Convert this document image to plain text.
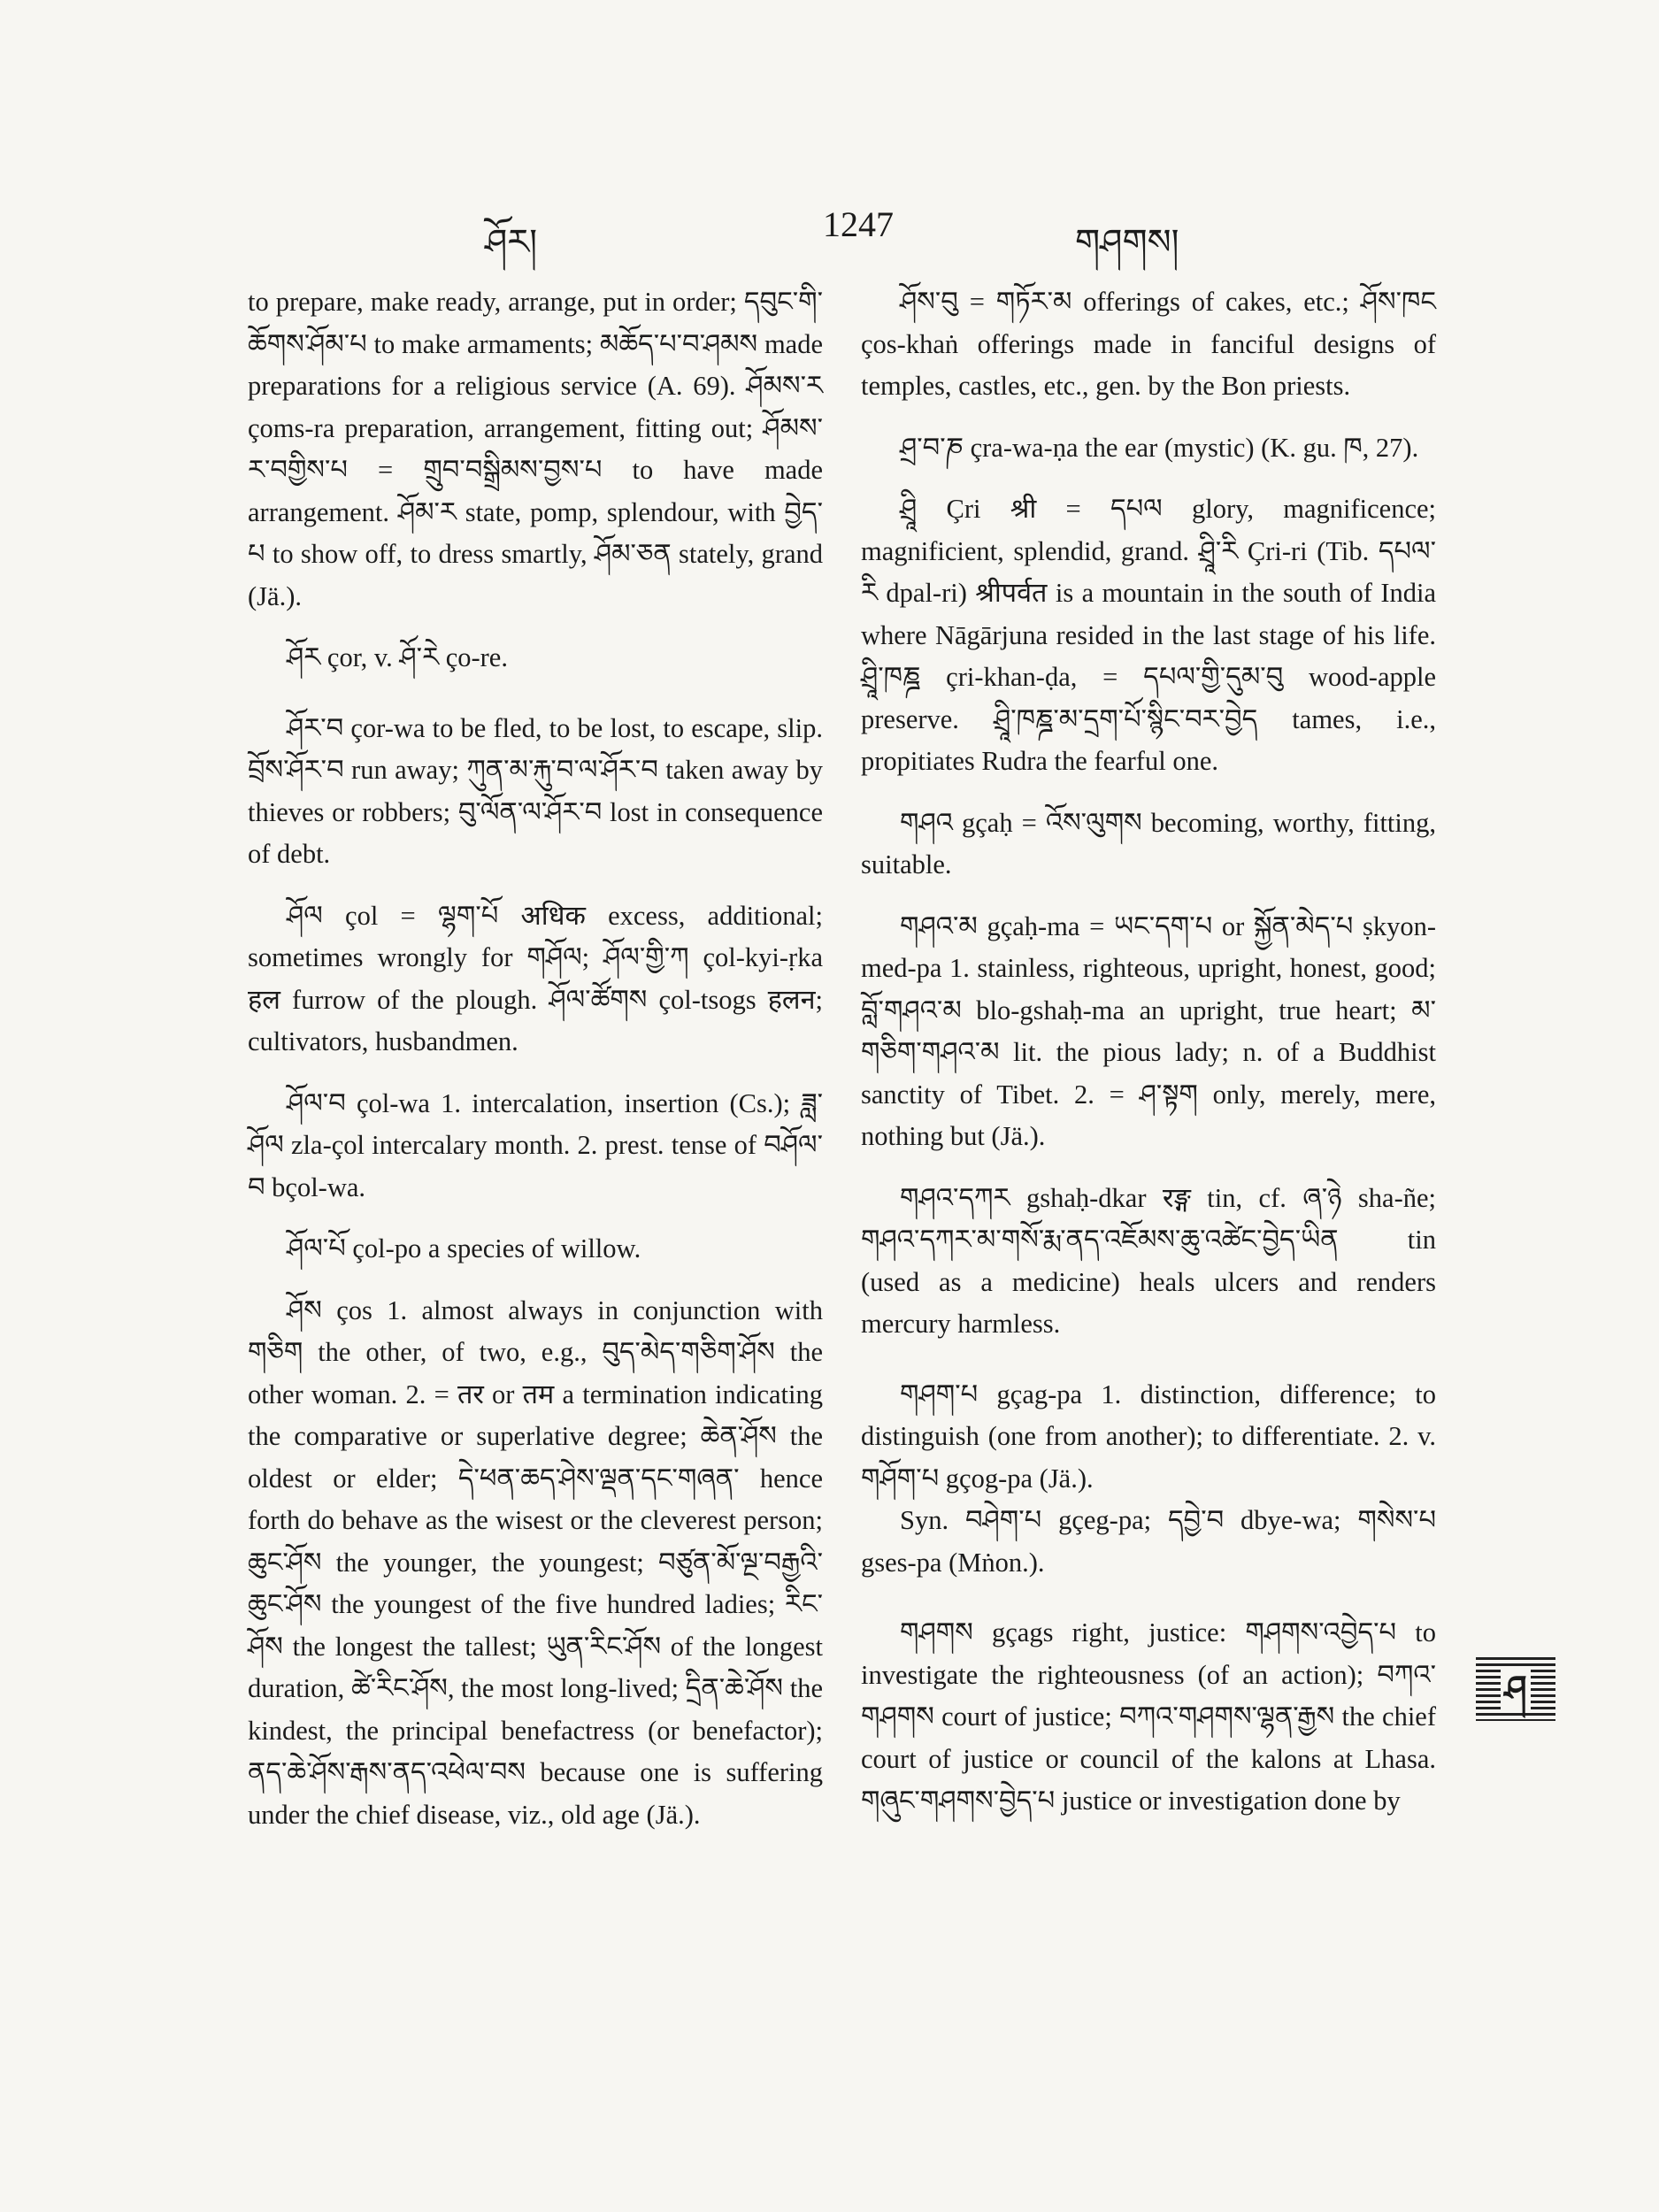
ཤོར།	1247	གཤགས།

to prepare, make ready, arrange, put in order; དབུང་གི་ཆོགས་ཤོམ་པ to make armaments; མཆོད་པ་བ་ཤམས made preparations for a religious service (A. 69). ཤོམས་ར çoms-ra preparation, arrangement, fitting out; ཤོམས་ར་བགྱིས་པ = གྲུབ་བསྒྲིམས་བྱས་པ to have made arrangement. ཤོམ་ར state, pomp, splendour, with བྱེད་པ to show off, to dress smartly, ཤོམ་ཅན stately, grand (Jä.).

ཤོར çor, v. ཤོ་རེ ço-re.

ཤོར་བ çor-wa to be fled, to be lost, to escape, slip. བྲོས་ཤོར་བ run away; ཀུན་མ་རྐུ་བ་ལ་ཤོར་བ taken away by thieves or robbers; བུ་ལོན་ལ་ཤོར་བ lost in consequence of debt.

ཤོལ çol = ལྷག་པོ अधिक excess, additional; sometimes wrongly for གཤོལ; ཤོལ་གྱི་ཀ çol-kyi-ṛka हल furrow of the plough. ཤོལ་ཚོགས çol-tsogs हलन; cultivators, husbandmen.

ཤོལ་བ çol-wa 1. intercalation, insertion (Cs.); ཟླ་ཤོལ zla-çol intercalary month. 2. prest. tense of བཤོལ་བ bçol-wa.

ཤོལ་པོ çol-po a species of willow.

ཤོས ços 1. almost always in conjunction with གཅིག the other, of two, e.g., བུད་མེད་གཅིག་ཤོས the other woman. 2. = तर or तम a termination indicating the comparative or superlative degree; ཆེན་ཤོས the oldest or elder; དེ་ཕན་ཆད་ཤེས་ལྡན་དང་གཞན་ hence forth do behave as the wisest or the cleverest person; ཆུང་ཤོས the younger, the youngest; བཙུན་མོ་ལྔ་བརྒྱའི་ཆུང་ཤོས the youngest of the five hundred ladies; རིང་ཤོས the longest the tallest; ཡུན་རིང་ཤོས of the longest duration, ཚེ་རིང་ཤོས, the most long-lived; དྲིན་ཆེ་ཤོས the kindest, the principal benefactress (or benefactor); ནད་ཆེ་ཤོས་རྒས་ནད་འཕེལ་བས because one is suffering under the chief disease, viz., old age (Jä.).

ཤོས་བུ = གཏོར་མ offerings of cakes, etc.; ཤོས་ཁང ços-khaṅ offerings made in fanciful designs of temples, castles, etc., gen. by the Bon priests.

ཤྲ་བ་ཎ çra-wa-ṇa the ear (mystic) (K. gu. ཁ, 27).

ཤྲཱི Çri श्री = དཔལ glory, magnificence; magnificient, splendid, grand. ཤྲཱི་རི Çri-ri (Tib. དཔལ་རི dpal-ri) श्रीपर्वत is a mountain in the south of India where Nāgārjuna resided in the last stage of his life. ཤྲཱི་ཁཎྜ çri-khan-ḍa, = དཔལ་གྱི་དུམ་བུ wood-apple preserve. ཤྲཱི་ཁཎྜ་མ་དྲག་པོ་སྙིང་བར་བྱེད tames, i.e., propitiates Rudra the fearful one.

གཤའ gçaḥ = འོས་ལུགས becoming, worthy, fitting, suitable.

གཤའ་མ gçaḥ-ma = ཡང་དག་པ or སྐྱོན་མེད་པ ṣkyon-med-pa 1. stainless, righteous, upright, honest, good; བློ་གཤའ་མ blo-gshaḥ-ma an upright, true heart; མ་གཅིག་གཤའ་མ lit. the pious lady; n. of a Buddhist sanctity of Tibet. 2. = ཤ་སྟག only, merely, mere, nothing but (Jä.).

གཤའ་དཀར gshaḥ-dkar रङ्ग tin, cf. ཞ་ཉེ sha-ñe; གཤའ་དཀར་མ་གསོ་རྨ་ནད་འཇོམས་ཆུ་འཚེང་བྱེད་ཡིན tin (used as a medicine) heals ulcers and renders mercury harmless.

གཤག་པ gçag-pa 1. distinction, difference; to distinguish (one from another); to differentiate. 2. v. གཤོག་པ gçog-pa (Jä.).

Syn. བཤེག་པ gçeg-pa; དབྱེ་བ dbye-wa; གསེས་པ gses-pa (Mṅon.).

གཤགས gçags right, justice: གཤགས་འབྱེད་པ to investigate the righteousness (of an action); བཀའ་གཤགས court of justice; བཀའ་གཤགས་ལྷན་རྒྱས the chief court of justice or council of the kalons at Lhasa. གཞུང་གཤགས་བྱེད་པ justice or investigation done by

ཤ
